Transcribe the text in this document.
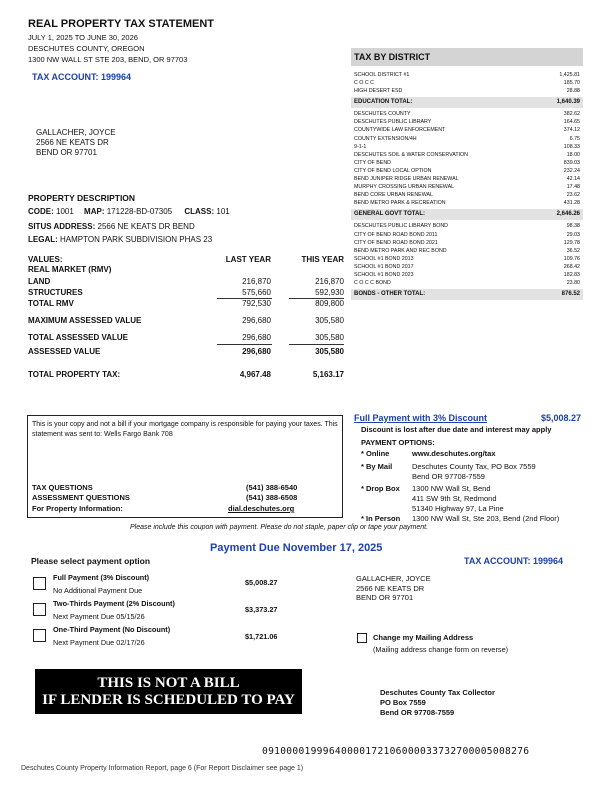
REAL PROPERTY TAX STATEMENT
JULY 1, 2025 TO JUNE 30, 2026
DESCHUTES COUNTY, OREGON
1300 NW WALL ST STE 203, BEND, OR 97703
TAX ACCOUNT: 199964
GALLACHER, JOYCE
2566 NE KEATS DR
BEND OR 97701
PROPERTY DESCRIPTION
CODE: 1001 MAP: 171228-BD-07305 CLASS: 101
SITUS ADDRESS: 2566 NE KEATS DR BEND
LEGAL: HAMPTON PARK SUBDIVISION PHAS 23
VALUES:	LAST YEAR	THIS YEAR
REAL MARKET (RMV)
LAND	216,870	216,870
STRUCTURES	575,660	592,930
TOTAL RMV	792,530	809,800
MAXIMUM ASSESSED VALUE	296,680	305,580
TOTAL ASSESSED VALUE	296,680	305,580
ASSESSED VALUE	296,680	305,580
TOTAL PROPERTY TAX:	4,967.48	5,163.17
TAX BY DISTRICT
SCHOOL DISTRICT #1	1,425.81
C O C C	185.70
HIGH DESERT ESD	28.88
EDUCATION TOTAL:	1,640.39
DESCHUTES COUNTY	382.62
DESCHUTES PUBLIC LIBRARY	164.65
COUNTYWIDE LAW ENFORCEMENT	374.12
COUNTY EXTENSION/4H	6.75
9-1-1	108.33
DESCHUTES SOIL & WATER CONSERVATION	18.00
CITY OF BEND	839.03
CITY OF BEND LOCAL OPTION	232.24
BEND JUNIPER RIDGE URBAN RENEWAL	42.14
MURPHY CROSSING URBAN RENEWAL	17.48
BEND CORE URBAN RENEWAL	23.62
BEND METRO PARK & RECREATION	431.28
GENERAL GOVT TOTAL:	2,646.26
DESCHUTES PUBLIC LIBRARY BOND	98.38
CITY OF BEND ROAD BOND 2011	29.03
CITY OF BEND ROAD BOND 2021	129.78
BEND METRO PARK AND REC BOND	36.52
SCHOOL #1 BOND 2013	109.76
SCHOOL #1 BOND 2017	268.42
SCHOOL #1 BOND 2023	182.83
C O C C BOND	23.80
BONDS - OTHER TOTAL:	876.52
This is your copy and not a bill if your mortgage company is responsible for paying your taxes. This statement was sent to: Wells Fargo Bank 708
TAX QUESTIONS	(541) 388-6540
ASSESSMENT QUESTIONS	(541) 388-6508
For Property Information:	dial.deschutes.org
Full Payment with 3% Discount	$5,008.27
Discount is lost after due date and interest may apply
PAYMENT OPTIONS:
* Online	www.deschutes.org/tax
* By Mail	Deschutes County Tax, PO Box 7559
Bend OR 97708-7559
* Drop Box 1300 NW Wall St, Bend
411 SW 9th St, Redmond
51340 Highway 97, La Pine
* In Person 1300 NW Wall St, Ste 203, Bend (2nd Floor)
Please include this coupon with payment. Please do not staple, paper clip or tape your payment.
Payment Due November 17, 2025
Please select payment option	TAX ACCOUNT: 199964
Full Payment (3% Discount)
No Additional Payment Due
$5,008.27
Two-Thirds Payment (2% Discount)
Next Payment Due 05/15/26
$3,373.27
One-Third Payment (No Discount)
Next Payment Due 02/17/26
$1,721.06
GALLACHER, JOYCE
2566 NE KEATS DR
BEND OR 97701
Change my Mailing Address
(Mailing address change form on reverse)
THIS IS NOT A BILL
IF LENDER IS SCHEDULED TO PAY	Deschutes County Tax Collector
PO Box 7559
Bend OR 97708-7559
09100001999640000172106000033732700005008276
Deschutes County Property Information Report, page 6 (For Report Disclaimer see page 1)
